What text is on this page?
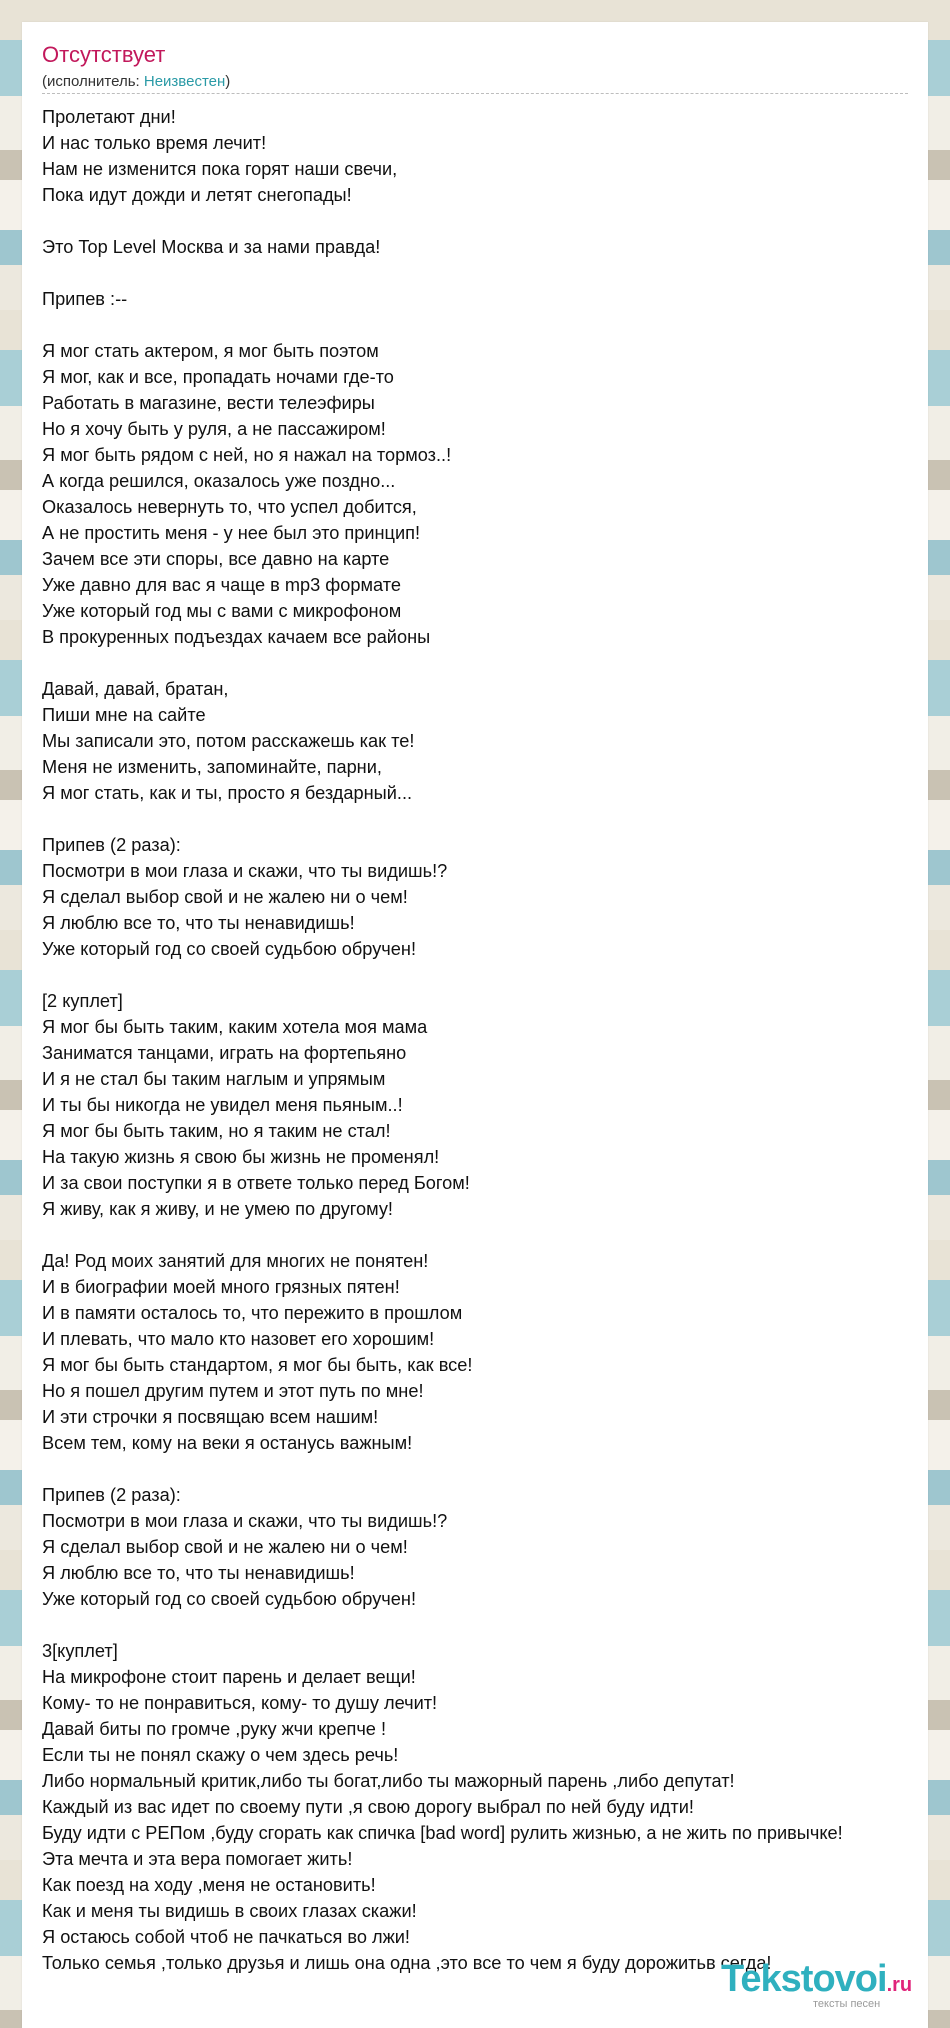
Отсутствует
(исполнитель: Неизвестен)
Пролетают дни!
И нас только время лечит!
Нам не изменится пока горят наши свечи,
Пока идут дожди и летят снегопады!
Это Top Level Москва и за нами правда!
Припев :--
Я мог стать актером, я мог быть поэтом
Я мог, как и все, пропадать ночами где-то
Работать в магазине, вести телеэфиры
Но я хочу быть у руля, а не пассажиром!
Я мог быть рядом с ней, но я нажал на тормоз..!
А когда решился, оказалось уже поздно...
Оказалось невернуть то, что успел добится,
А не простить меня - у нее был это принцип!
Зачем все эти споры, все давно на карте
Уже давно для вас я чаще в mp3 формате
Уже который год мы с вами с микрофоном
В прокуренных подъездах качаем все районы
Давай, давай, братан,
Пиши мне на сайте
Мы записали это, потом расскажешь как те!
Меня не изменить, запоминайте, парни,
Я мог стать, как и ты, просто я бездарный...
Припев (2 раза):
Посмотри в мои глаза и скажи, что ты видишь!?
Я сделал выбор свой и не жалею ни о чем!
Я люблю все то, что ты ненавидишь!
Уже который год со своей судьбою обручен!
[2 куплет]
Я мог бы быть таким, каким хотела моя мама
Заниматся танцами, играть на фортепьяно
И я не стал бы таким наглым и упрямым
И ты бы никогда не увидел меня пьяным..!
Я мог бы быть таким, но я таким не стал!
На такую жизнь я свою бы жизнь не променял!
И за свои поступки я в ответе только перед Богом!
Я живу, как я живу, и не умею по другому!
Да! Род моих занятий для многих не понятен!
И в биографии моей много грязных пятен!
И в памяти осталось то, что пережито в прошлом
И плевать, что мало кто назовет его хорошим!
Я мог бы быть стандартом, я мог бы быть, как все!
Но я пошел другим путем и этот путь по мне!
И эти строчки я посвящаю всем нашим!
Всем тем, кому на веки я останусь важным!
Припев (2 раза):
Посмотри в мои глаза и скажи, что ты видишь!?
Я сделал выбор свой и не жалею ни о чем!
Я люблю все то, что ты ненавидишь!
Уже который год со своей судьбою обручен!
3[куплет]
На микрофоне стоит парень и делает вещи!
Кому- то не понравиться, кому- то душу лечит!
Давай биты по громче ,руку жчи крепче !
Если ты не понял скажу о чем здесь речь!
Либо нормальный критик,либо ты богат,либо ты мажорный парень ,либо депутат!
Каждый из вас идет по своему пути ,я свою дорогу выбрал по ней буду идти!
Буду идти с РЕПом ,буду сгорать как спичка [bad word] рулить жизнью, а не жить по привычке!
Эта мечта и эта вера помогает жить!
Как поезд на ходу ,меня не остановить!
Как и меня ты видишь в своих глазах скажи!
Я остаюсь собой чтоб не пачкаться во лжи!
Только семья ,только друзья и лишь она одна ,это все то чем я буду дорожитьв сегда!
Tekstovoi.ru
тексты песен
